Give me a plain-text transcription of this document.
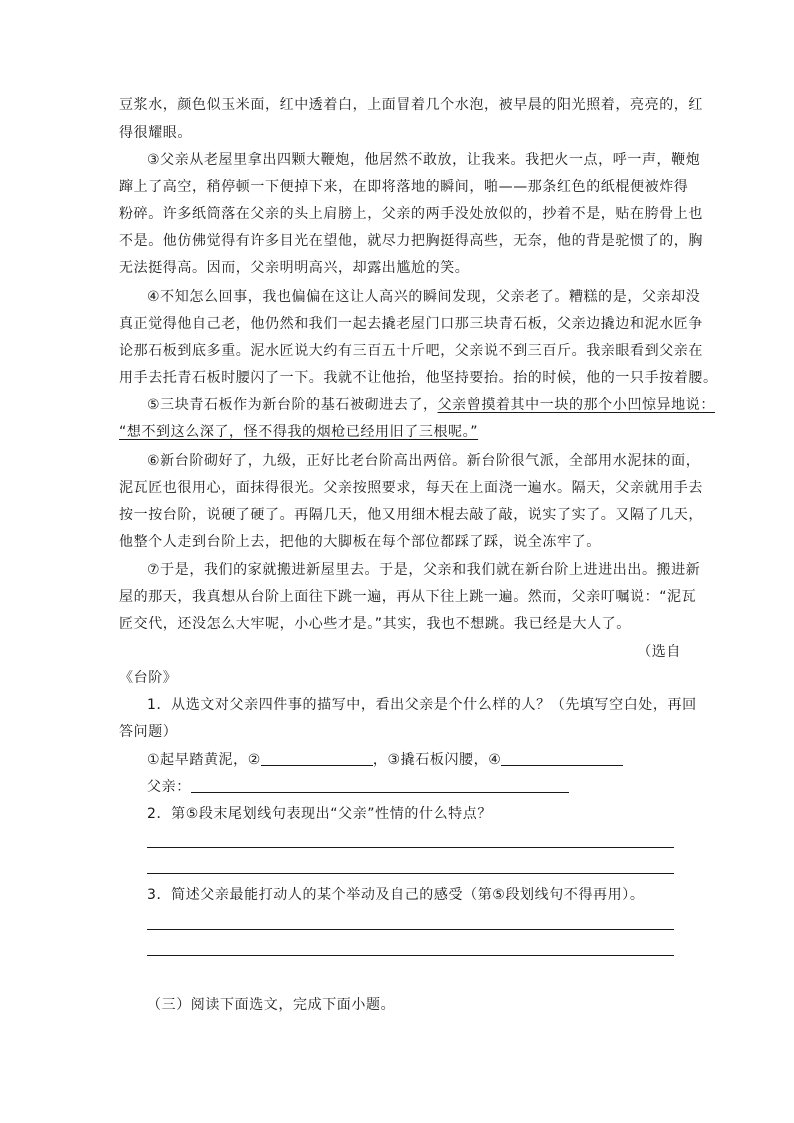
豆浆水，颜色似玉米面，红中透着白，上面冒着几个水泡，被早晨的阳光照着，亮亮的，红
得很耀眼。
③父亲从老屋里拿出四颗大鞭炮，他居然不敢放，让我来。我把火一点，呼一声，鞭炮
蹿上了高空，稍停顿一下便掉下来，在即将落地的瞬间，啪——那条红色的纸棍便被炸得
粉碎。许多纸筒落在父亲的头上肩膀上，父亲的两手没处放似的，抄着不是，贴在胯骨上也
不是。他仿佛觉得有许多目光在望他，就尽力把胸挺得高些，无奈，他的背是驼惯了的，胸
无法挺得高。因而，父亲明明高兴，却露出尴尬的笑。
④不知怎么回事，我也偏偏在这让人高兴的瞬间发现，父亲老了。糟糕的是，父亲却没
真正觉得他自己老，他仍然和我们一起去撬老屋门口那三块青石板，父亲边撬边和泥水匠争
论那石板到底多重。泥水匠说大约有三百五十斤吧，父亲说不到三百斤。我亲眼看到父亲在
用手去托青石板时腰闪了一下。我就不让他抬，他坚持要抬。抬的时候，他的一只手按着腰。
⑤三块青石板作为新台阶的基石被砌进去了，父亲曾摸着其中一块的那个小凹惊异地说：
“想不到这么深了，怪不得我的烟枪已经用旧了三根呢。”
⑥新台阶砌好了，九级，正好比老台阶高出两倍。新台阶很气派，全部用水泥抹的面，
泥瓦匠也很用心，面抹得很光。父亲按照要求，每天在上面浇一遍水。隔天，父亲就用手去
按一按台阶，说硬了硬了。再隔几天，他又用细木棍去敲了敲，说实了实了。又隔了几天，
他整个人走到台阶上去，把他的大脚板在每个部位都踩了踩，说全冻牢了。
⑦于是，我们的家就搬进新屋里去。于是，父亲和我们就在新台阶上进进出出。搬进新
屋的那天，我真想从台阶上面往下跳一遍，再从下往上跳一遍。然而，父亲叮嘱说：“泥瓦
匠交代，还没怎么大牢呢，小心些才是。”其实，我也不想跳。我已经是大人了。
（选自
《台阶》
1．从选文对父亲四件事的描写中，看出父亲是个什么样的人？（先填写空白处，再回
答问题）
①起早踏黄泥，②	，③撬石板闪腰，④
父亲：
2．第⑤段末尾划线句表现出“父亲”性情的什么特点？
3．简述父亲最能打动人的某个举动及自己的感受（第⑤段划线句不得再用）。
（三）阅读下面选文，完成下面小题。
